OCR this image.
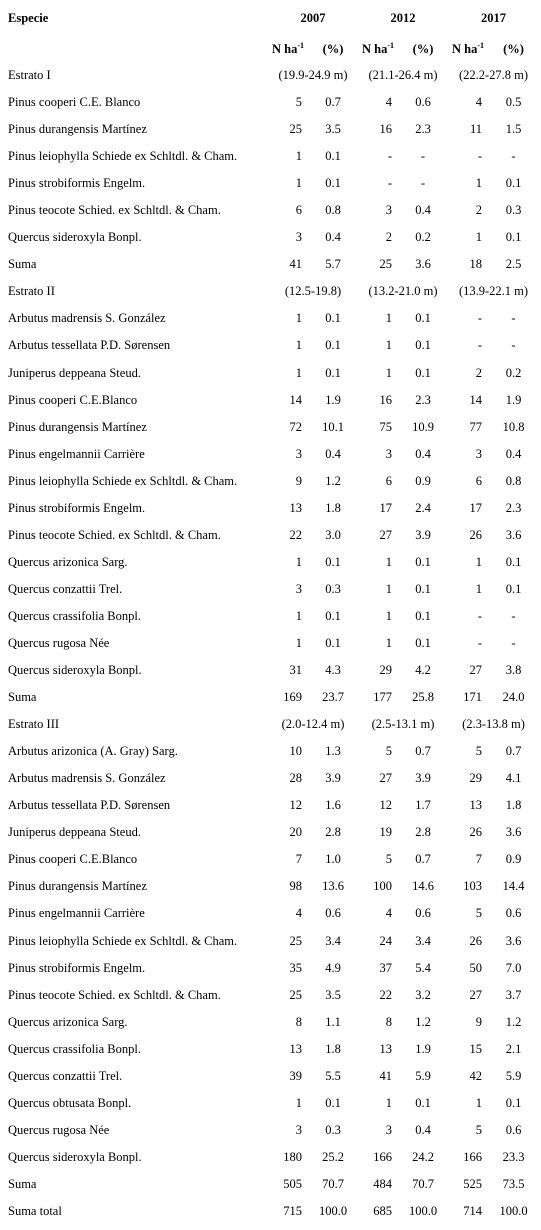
Especie	2007		2012		2017	
	N $ha^{-1}$	(%)	N $ha^{-1}$	(%)	N $ha^{-1}$	(%)
Estrato I	(19.9-24.9 m)		(21.1-26.4 m)		(22.2-27.8 m)	
Pinus cooperi C.E. Blanco	5	0.7	4	0.6	4	0.5
Pinus durangensis Martínez	25	3.5	16	2.3	11	1.5
Pinus leiophylla Schiede ex Schltdl. & Cham.	1	0.1	-	-	-	-
Pinus strobiformis Engelm.	1	0.1	-	-	1	0.1
Pinus teocote Schied. ex Schltdl. & Cham.	6	0.8	3	0.4	2	0.3
Quercus sideroxyla Bonpl.	3	0.4	2	0.2	1	0.1
Suma	41	5.7	25	3.6	18	2.5
Estrato II	(12.5-19.8)		(13.2-21.0 m)		(13.9-22.1 m)	
Arbutus madrensis S. González	1	0.1	1	0.1	-	-
Arbutus tessellata P.D. Sørensen	1	0.1	1	0.1	-	-
Juniperus deppeana Steud.	1	0.1	1	0.1	2	0.2
Pinus cooperi C.E.Blanco	14	1.9	16	2.3	14	1.9
Pinus durangensis Martínez	72	10.1	75	10.9	77	10.8
Pinus engelmannii Carrière	3	0.4	3	0.4	3	0.4
Pinus leiophylla Schiede ex Schltdl. & Cham.	9	1.2	6	0.9	6	0.8
Pinus strobiformis Engelm.	13	1.8	17	2.4	17	2.3
Pinus teocote Schied. ex Schltdl. & Cham.	22	3.0	27	3.9	26	3.6
Quercus arizonica Sarg.	1	0.1	1	0.1	1	0.1
Quercus conzattii Trel.	3	0.3	1	0.1	1	0.1
Quercus crassifolia Bonpl.	1	0.1	1	0.1	-	-
Quercus rugosa Née	1	0.1	1	0.1	-	-
Quercus sideroxyla Bonpl.	31	4.3	29	4.2	27	3.8
Suma	169	23.7	177	25.8	171	24.0
Estrato III	(2.0-12.4 m)		(2.5-13.1 m)		(2.3-13.8 m)	
Arbutus arizonica (A. Gray) Sarg.	10	1.3	5	0.7	5	0.7
Arbutus madrensis S. González	28	3.9	27	3.9	29	4.1
Arbutus tessellata P.D. Sørensen	12	1.6	12	1.7	13	1.8
Juniperus deppeana Steud.	20	2.8	19	2.8	26	3.6
Pinus cooperi C.E.Blanco	7	1.0	5	0.7	7	0.9
Pinus durangensis Martínez	98	13.6	100	14.6	103	14.4
Pinus engelmannii Carrière	4	0.6	4	0.6	5	0.6
Pinus leiophylla Schiede ex Schltdl. & Cham.	25	3.4	24	3.4	26	3.6
Pinus strobiformis Engelm.	35	4.9	37	5.4	50	7.0
Pinus teocote Schied. ex Schltdl. & Cham.	25	3.5	22	3.2	27	3.7
Quercus arizonica Sarg.	8	1.1	8	1.2	9	1.2
Quercus crassifolia Bonpl.	13	1.8	13	1.9	15	2.1
Quercus conzattii Trel.	39	5.5	41	5.9	42	5.9
Quercus obtusata Bonpl.	1	0.1	1	0.1	1	0.1
Quercus rugosa Née	3	0.3	3	0.4	5	0.6
Quercus sideroxyla Bonpl.	180	25.2	166	24.2	166	23.3
Suma	505	70.7	484	70.7	525	73.5
Suma total	715	100.0	685	100.0	714	100.0
